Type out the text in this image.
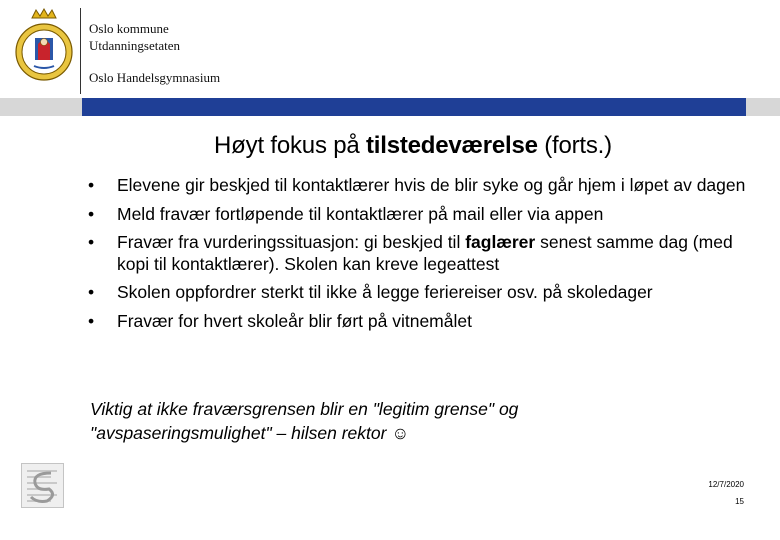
Oslo kommune
Utdanningsetaten
Oslo Handelsgymnasium
Høyt fokus på tilstedeværelse (forts.)
• Elevene gir beskjed til kontaktlærer hvis de blir syke og går hjem i løpet av dagen
• Meld fravær fortløpende til kontaktlærer på mail eller via appen
• Fravær fra vurderingssituasjon: gi beskjed til faglærer senest samme dag (med kopi til kontaktlærer). Skolen kan kreve legeattest
• Skolen oppfordrer sterkt til ikke å legge feriereiser osv. på skoledager
• Fravær for hvert skoleår blir ført på vitnemålet
Viktig at ikke fraværsgrensen blir en "legitim grense" og "avspaseringsmulighet" – hilsen rektor ☺
12/7/2020
15
